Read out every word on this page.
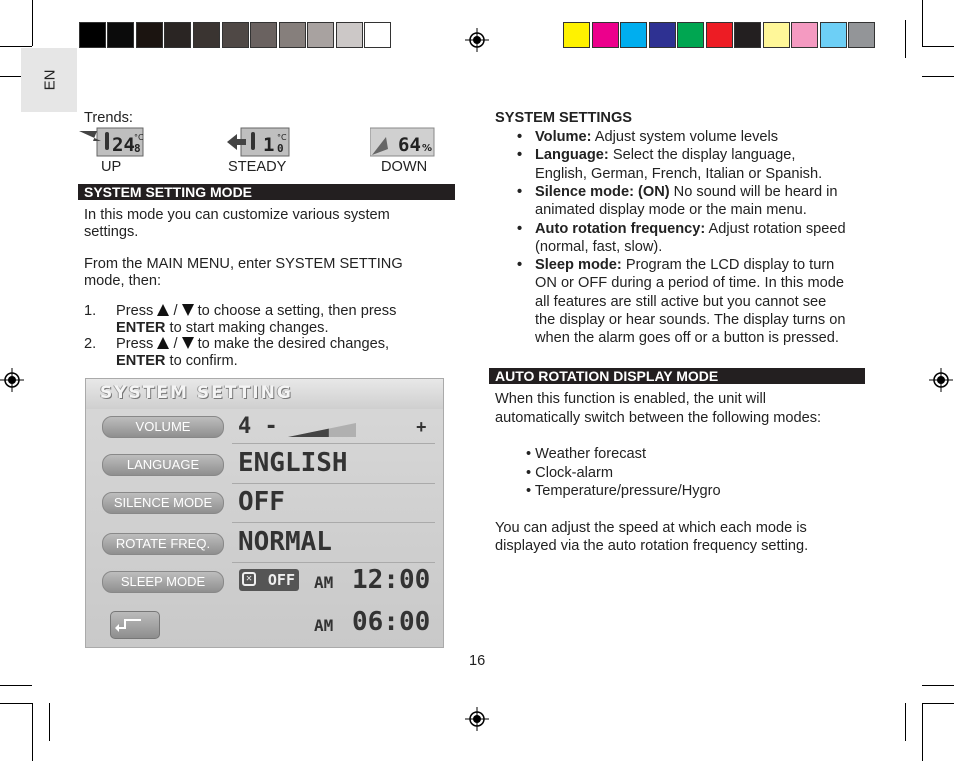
EN
Trends:
24 °C
8	1 °C
0	64 %
UP	STEADY	DOWN
SYSTEM SETTING MODE
In this mode you can customize various system
settings.
From the MAIN MENU, enter SYSTEM SETTING
mode, then:
1. Press / to choose a setting, then press
ENTER to start making changes.
2. Press / to make the desired changes,
ENTER to confirm.
SYSTEM SETTING
VOLUME	4 -	+
LANGUAGE	ENGLISH
SILENCE MODE OFF
ROTATE FREQ.	NORMAL
SLEEP MODE	✕ OFF AM 12:00
AM 06:00
SYSTEM SETTINGS
• Volume: Adjust system volume levels
• Language: Select the display language,
English, German, French, Italian or Spanish.
• Silence mode: (ON) No sound will be heard in
animated display mode or the main menu.
• Auto rotation frequency: Adjust rotation speed
(normal, fast, slow).
• Sleep mode: Program the LCD display to turn
ON or OFF during a period of time. In this mode
all features are still active but you cannot see
the display or hear sounds. The display turns on
when the alarm goes off or a button is pressed.
AUTO ROTATION DISPLAY MODE
When this function is enabled, the unit will
automatically switch between the following modes:
• Weather forecast
• Clock-alarm
• Temperature/pressure/Hygro
You can adjust the speed at which each mode is
displayed via the auto rotation frequency setting.
16
